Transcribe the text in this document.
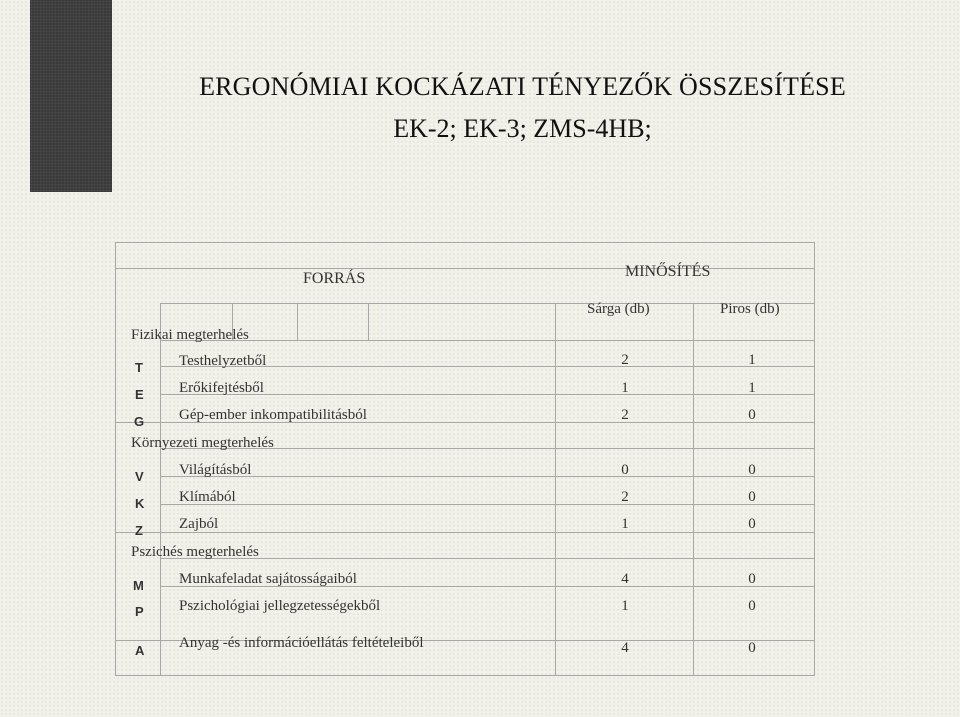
ERGONÓMIAI KOCKÁZATI TÉNYEZŐK ÖSSZESÍTÉSE
EK-2; EK-3; ZMS-4HB;
FORRÁS	MINŐSÍTÉS
Sárga (db)	Piros (db)
Fizikai megterhelés
T Testhelyzetből	2	1
E Erőkifejtésből	1	1
G Gép-ember inkompatibilitásból	2	0
Környezeti megterhelés
V Világításból	0	0
K Klímából	2	0
Z Zajból	1	0
Pszichés megterhelés
M Munkafeladat sajátosságaiból	4	0
P Pszichológiai jellegzetességekből	1	0
A Anyag -és információellátás feltételeiből	4	0
